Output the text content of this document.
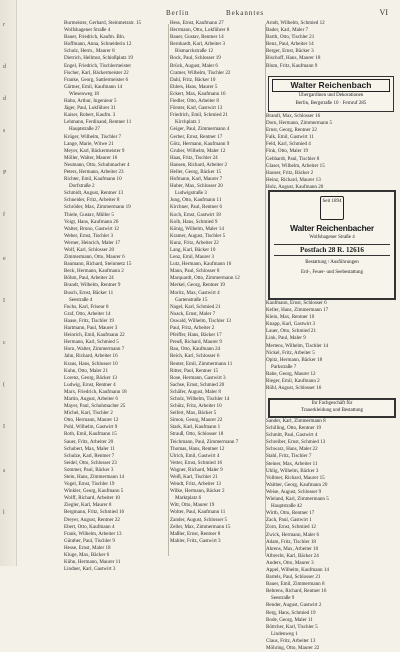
r
d
d
s
P
f
e
I
c
(
I
s
l
Berlin	Bekanntes	VI
Burmeister, Gerhard, Steinmetzstr. 15
Wolfshagener Straße 4
Bauer, Friedrich, Kaufm. Bln.
Hoffmann, Anna, Schneiderin 12
Schulz, Herm., Maurer 8
Dietrich, Hellmut, Schloßplatz 19
Engel, Friedrich, Tischlermeister
Fischer, Karl, Bäckermeister 22
Franke, Georg, Sattlermeister 6
Gärtner, Emil, Kaufmann 14
Wiesenweg 18
Hahn, Arthur, Ingenieur 5
Jäger, Paul, Lokführer 31
Kaiser, Robert, Kaufm. 3
Lehmann, Ferdinand, Rentner 11
Hauptstraße 27
Krüger, Wilhelm, Tischler 7
Lange, Marie, Witwe 21
Meyer, Karl, Bäckermeister 9
Möller, Walter, Maurer 16
Neumann, Otto, Schuhmacher 4
Peters, Hermann, Arbeiter 23
Richter, Emil, Kaufmann 10
Dorfstraße 2
Schmidt, August, Rentner 13
Schneider, Fritz, Arbeiter 8
Schröder, Max, Zimmermann 19
Thiele, Gustav, Müller 5
Voigt, Hans, Kaufmann 26
Walter, Bruno, Gastwirt 12
Weber, Ernst, Tischler 3
Werner, Heinrich, Maler 17
Wolf, Karl, Schlosser 20
Zimmermann, Otto, Maurer 6
Baumann, Richard, Steinmetz 15
Beck, Hermann, Kaufmann 2
Böhm, Paul, Arbeiter 24
Brandt, Wilhelm, Rentner 9
Busch, Ernst, Bäcker 11
Seestraße 4
Fuchs, Karl, Friseur 8
Graf, Otto, Arbeiter 14
Haase, Fritz, Tischler 19
Hartmann, Paul, Maurer 3
Heinrich, Emil, Kaufmann 22
Hermann, Karl, Schmied 5
Horn, Walter, Zimmermann 7
Jahn, Richard, Arbeiter 16
Kraus, Hans, Schlosser 10
Kuhn, Otto, Maler 21
Lorenz, Georg, Bäcker 13
Ludwig, Ernst, Rentner 4
Marx, Friedrich, Kaufmann 18
Martin, August, Arbeiter 6
Mayer, Paul, Schuhmacher 25
Michel, Karl, Tischler 2
Otto, Hermann, Maurer 12
Pohl, Wilhelm, Gastwirt 9
Roth, Emil, Kaufmann 15
Sauer, Fritz, Arbeiter 20
Schubert, Max, Maler 11
Schulze, Karl, Rentner 7
Seidel, Otto, Schlosser 23
Sommer, Paul, Bäcker 3
Stein, Hans, Zimmermann 14
Vogel, Ernst, Tischler 19
Winkler, Georg, Kaufmann 5
Wolff, Richard, Arbeiter 10
Ziegler, Karl, Maurer 8
Bergmann, Fritz, Schmied 16
Dreyer, August, Rentner 22
Ebert, Otto, Kaufmann 4
Frank, Wilhelm, Arbeiter 13
Günther, Paul, Tischler 9
Hesse, Ernst, Maler 18
Kluge, Max, Bäcker 6
Kühn, Hermann, Maurer 11
Lindner, Karl, Gastwirt 3
Hess, Ernst, Kaufmann 27
Herrmann, Otto, Lokführer 8
Bauer, Gustav, Rentner 14
Bernhardt, Karl, Arbeiter 3
Bismarckstraße 12
Bock, Paul, Schlosser 19
Brück, August, Maler 6
Cramer, Wilhelm, Tischler 22
Dahl, Fritz, Bäcker 10
Ehlers, Hans, Maurer 5
Eckert, Max, Kaufmann 16
Fiedler, Otto, Arbeiter 8
Förster, Karl, Gastwirt 13
Friedrich, Emil, Schmied 21
Kirchplatz 1
Geiger, Paul, Zimmermann 4
Gerber, Ernst, Rentner 17
Götz, Hermann, Kaufmann 9
Gruber, Wilhelm, Maler 12
Haas, Fritz, Tischler 24
Hansen, Richard, Arbeiter 2
Heller, Georg, Bäcker 15
Hofmann, Karl, Maurer 7
Huber, Max, Schlosser 20
Ludwigstraße 3
Jung, Otto, Kaufmann 11
Kirchner, Paul, Rentner 6
Koch, Ernst, Gastwirt 18
Kolb, Hans, Schmied 9
König, Wilhelm, Maler 14
Kramer, August, Tischler 5
Kunz, Fritz, Arbeiter 22
Lang, Karl, Bäcker 10
Lenz, Emil, Maurer 3
Lutz, Hermann, Kaufmann 16
Mann, Paul, Schlosser 8
Marquardt, Otto, Zimmermann 12
Merkel, Georg, Rentner 19
Moritz, Max, Gastwirt 4
Gartenstraße 15
Nagel, Karl, Schmied 21
Noack, Ernst, Maler 7
Oswald, Wilhelm, Tischler 13
Paul, Fritz, Arbeiter 2
Pfeiffer, Hans, Bäcker 17
Preuß, Richard, Maurer 9
Rau, Otto, Kaufmann 24
Reich, Karl, Schlosser 6
Reuter, Emil, Zimmermann 11
Ritter, Paul, Rentner 15
Rose, Hermann, Gastwirt 3
Sachse, Ernst, Schmied 20
Schäfer, August, Maler 8
Scholz, Wilhelm, Tischler 14
Schütz, Fritz, Arbeiter 10
Seifert, Max, Bäcker 5
Simon, Georg, Maurer 22
Stark, Karl, Kaufmann 1
Strauß, Otto, Schlosser 18
Teichmann, Paul, Zimmermann 7
Thomas, Hans, Rentner 12
Ulrich, Emil, Gastwirt 4
Vetter, Ernst, Schmied 16
Wagner, Richard, Maler 9
Weiß, Karl, Tischler 21
Wendt, Fritz, Arbeiter 13
Wilke, Hermann, Bäcker 2
Marktplatz 6
Witt, Otto, Maurer 19
Wolter, Paul, Kaufmann 11
Zander, August, Schlosser 5
Zeller, Max, Zimmermann 15
Maßler, Ernst, Rentner 8
Mahler, Fritz, Gastwirt 3
Arndt, Wilhelm, Schmied 12
Bader, Karl, Maler 7
Barth, Otto, Tischler 21
Benz, Paul, Arbeiter 14
Berger, Ernst, Bäcker 3
Bischoff, Hans, Maurer 18
Blum, Fritz, Kaufmann 9
Walter Reichenbach
Übergardinen und Dekorationen
Berlin, Bergstraße 10 · Fernruf 285
Brandl, Max, Schlosser 16
Dorn, Hermann, Zimmermann 5
Ernst, Georg, Rentner 22
Falk, Emil, Gastwirt 11
Feld, Karl, Schmied 4
Fink, Otto, Maler 19
Gebhardt, Paul, Tischler 8
Glaser, Wilhelm, Arbeiter 15
Hauser, Fritz, Bäcker 2
Heinz, Richard, Maurer 13
Holz, August, Kaufmann 20
Seit 1894
Walter Reichenbacher
Wolfshagener Straße 4
Postfach 28 R. 12616
Bestattung / Ausführungen
Erd-, Feuer- und Seebestattung
Kaufmann, Ernst, Schlosser 6
Keller, Hans, Zimmermann 17
Klein, Max, Rentner 10
Knapp, Karl, Gastwirt 3
Lauer, Otto, Schmied 21
Link, Paul, Maler 9
Mertens, Wilhelm, Tischler 14
Nickel, Fritz, Arbeiter 5
Opitz, Hermann, Bäcker 18
Parkstraße 7
Rabe, Georg, Maurer 12
Rieger, Emil, Kaufmann 2
Rühl, August, Schlosser 16
Ihr Fachgeschäft für
Trauerkleidung und Bestattung
Sander, Karl, Zimmermann 8
Schilling, Otto, Rentner 19
Schmitt, Paul, Gastwirt 4
Schreiber, Ernst, Schmied 13
Schwarz, Hans, Maler 22
Stahl, Fritz, Tischler 7
Steiner, Max, Arbeiter 11
Uhlig, Wilhelm, Bäcker 3
Vollmer, Richard, Maurer 15
Walther, Georg, Kaufmann 20
Weise, August, Schlosser 9
Wieland, Karl, Zimmermann 5
Hauptstraße 42
Wirth, Otto, Rentner 17
Zach, Paul, Gastwirt 1
Zorn, Ernst, Schmied 12
Zwick, Hermann, Maler 6
Adam, Fritz, Tischler 18
Ahrens, Max, Arbeiter 10
Albrecht, Karl, Bäcker 24
Anders, Otto, Maurer 3
Appel, Wilhelm, Kaufmann 14
Bartels, Paul, Schlosser 21
Bauer, Emil, Zimmermann 8
Behrens, Richard, Rentner 16
Seestraße 9
Bender, August, Gastwirt 2
Berg, Hans, Schmied 19
Bode, Georg, Maler 11
Böttcher, Karl, Tischler 5
Lindenweg 1
Claus, Fritz, Arbeiter 13
Möhring, Otto, Maurer 22
